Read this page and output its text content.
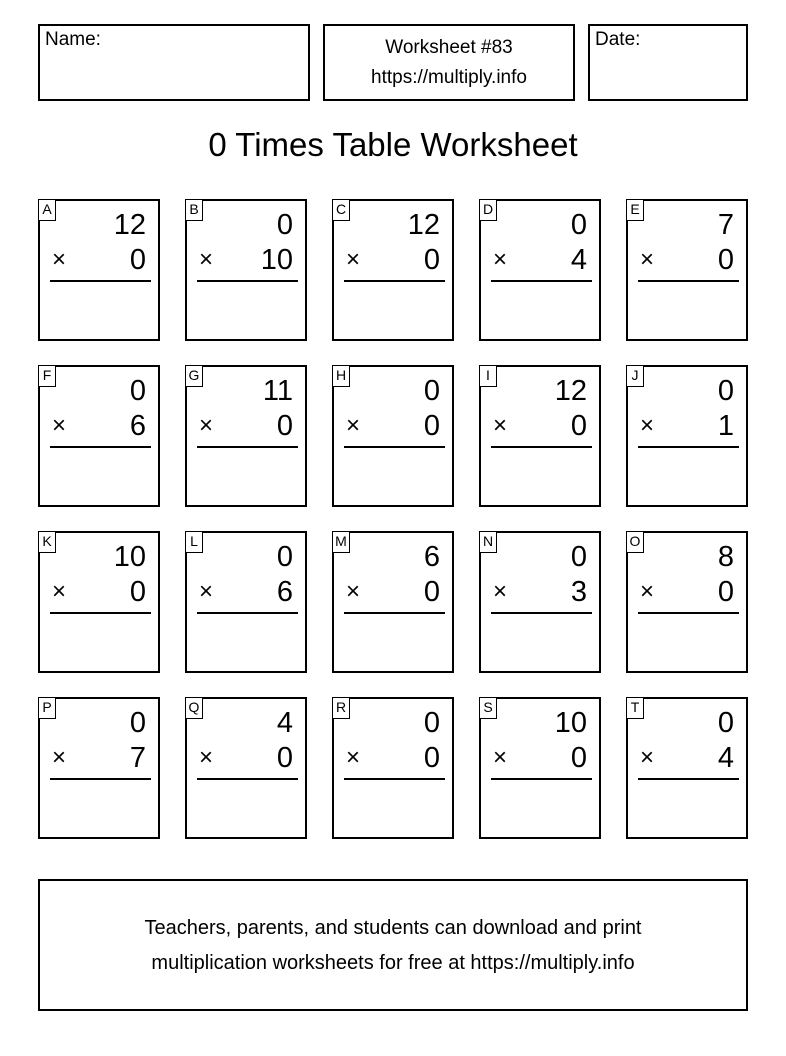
Name:	Worksheet #83
https://multiply.info
Date:
0 Times Table Worksheet
A 12
× 0
B	0
× 10
C 12
× 0
D	0
× 4
E	7
× 0
F	0
× 6
G 11
× 0
H	0
× 0
I 12
× 0
J	0
× 1
K 10
× 0
L	0
× 6
M	6
× 0
N	0
× 3
O	8
× 0
P	0
× 7
Q	4
× 0
R	0
× 0
S 10
× 0
T	0
× 4
Teachers, parents, and students can download and print
multiplication worksheets for free at https://multiply.info
